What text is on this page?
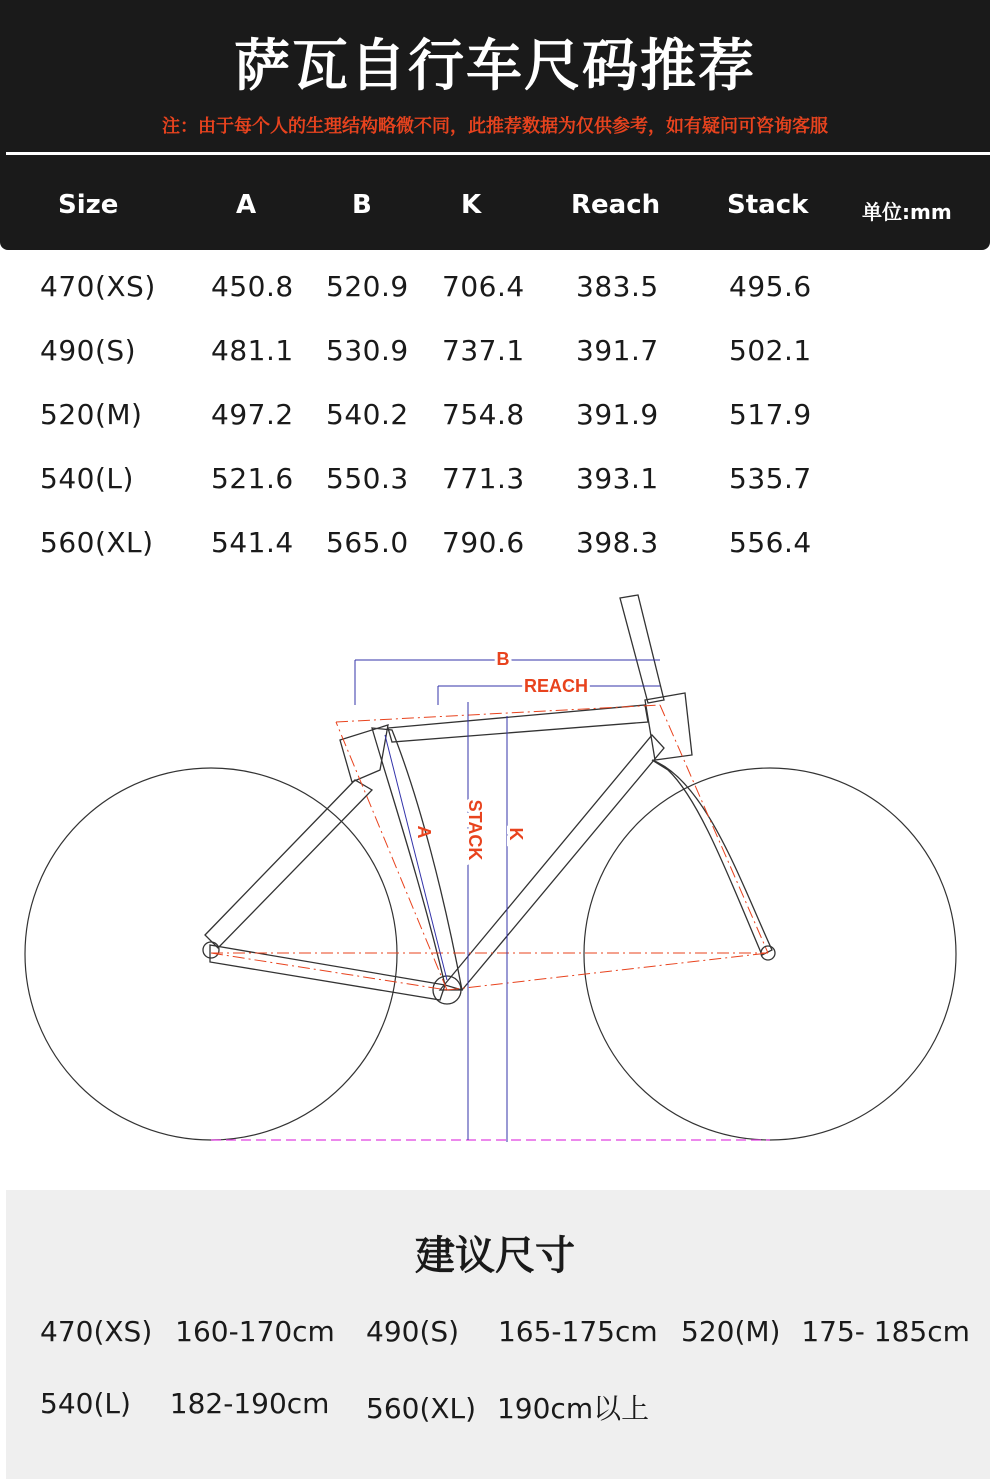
萨瓦自行车尺码推荐
注：由于每个人的生理结构略微不同，此推荐数据为仅供参考，如有疑问可咨询客服
Size	A	B	K	Reach	Stack	单位:mm
470(XS) 450.8 520.9 706.4 383.5	495.6
490(S)	481.1 530.9 737.1 391.7	502.1
520(M) 497.2 540.2 754.8 391.9	517.9
540(L)	521.6 550.3 771.3 393.1	535.7
560(XL) 541.4 565.0 790.6 398.3	556.4
B
REACH
A STACK K
建议尺寸
470(XS) 160-170cm 490(S) 165-175cm 520(M) 175- 185cm
540(L) 182-190cm 560(XL) 190cm以上
